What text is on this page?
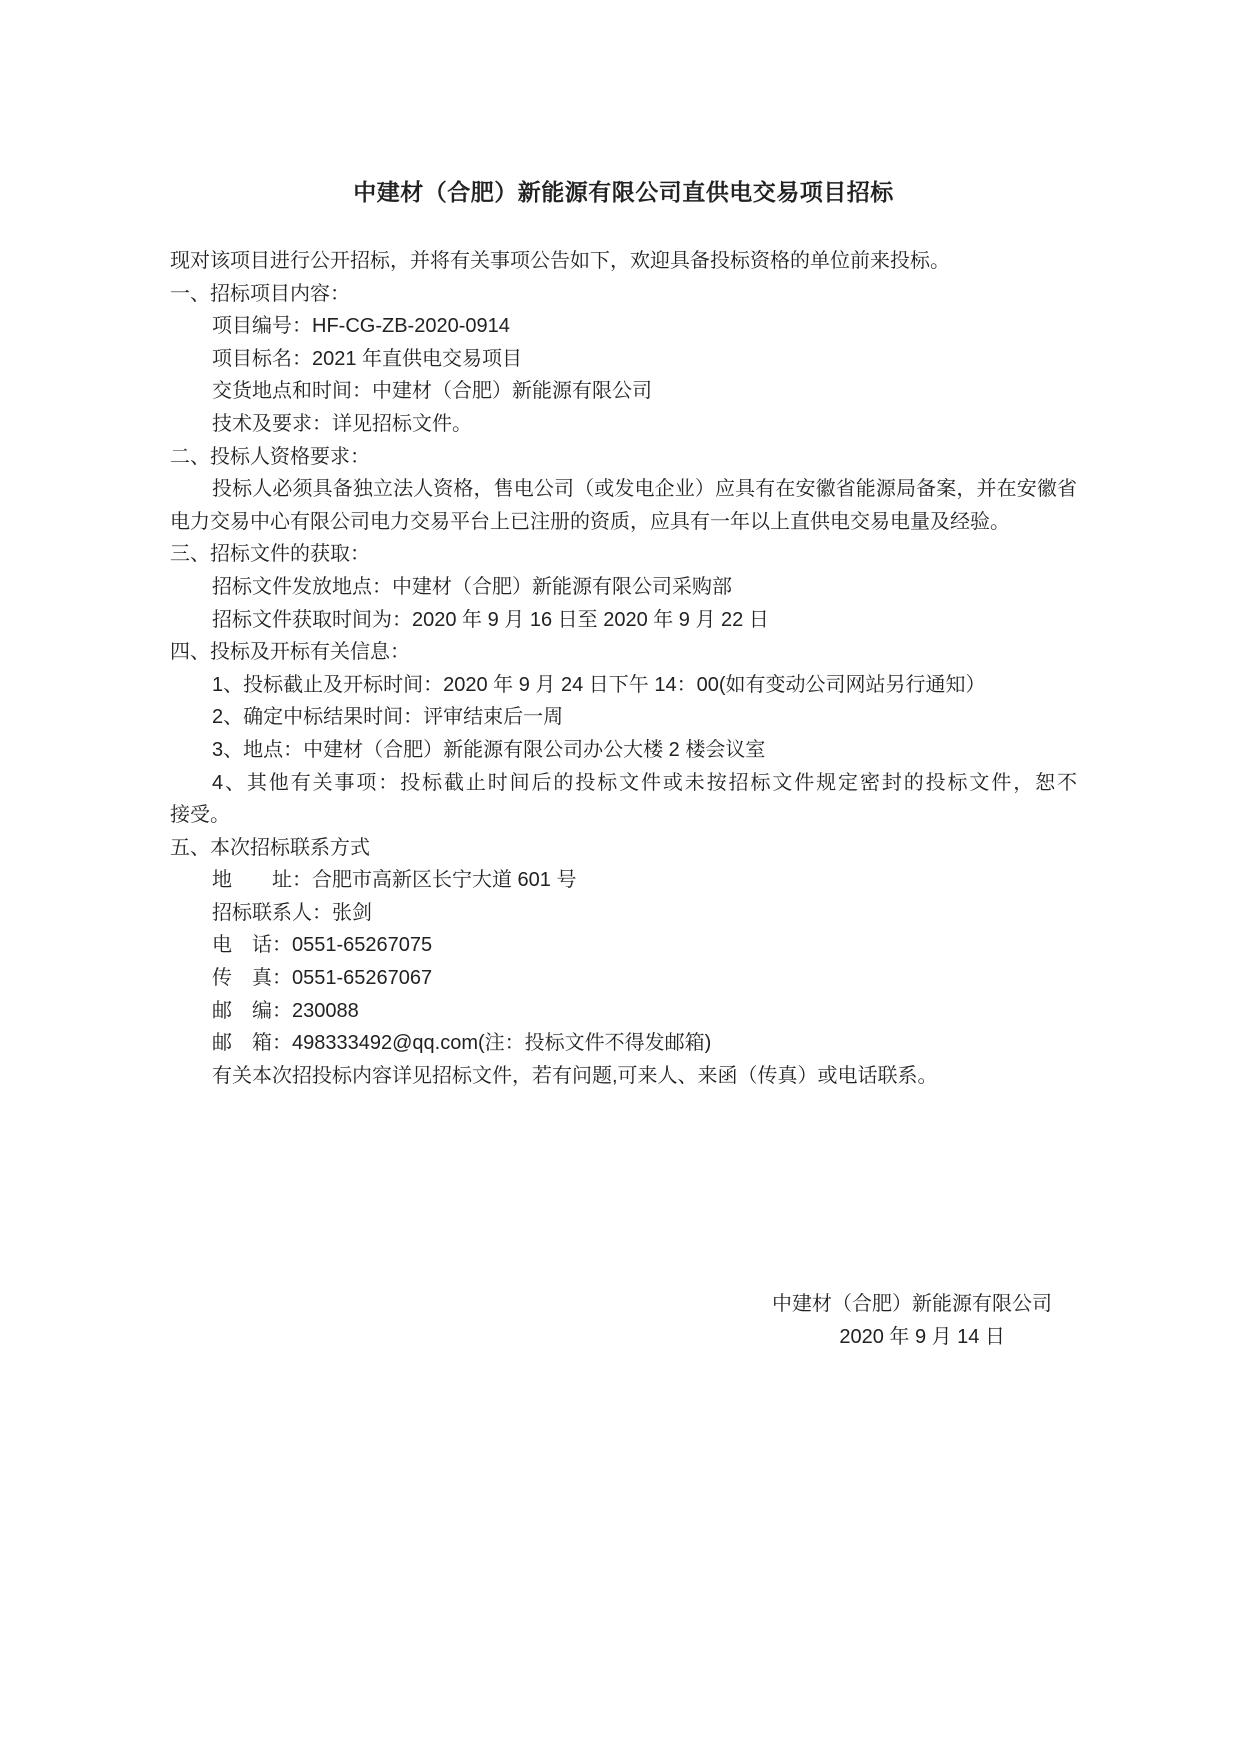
中建材（合肥）新能源有限公司直供电交易项目招标

现对该项目进行公开招标，并将有关事项公告如下，欢迎具备投标资格的单位前来投标。

一、招标项目内容：

项目编号：HF-CG-ZB-2020-0914

项目标名：2021 年直供电交易项目

交货地点和时间：中建材（合肥）新能源有限公司

技术及要求：详见招标文件。

二、投标人资格要求：

投标人必须具备独立法人资格，售电公司（或发电企业）应具有在安徽省能源局备案，并在安徽省

电力交易中心有限公司电力交易平台上已注册的资质，应具有一年以上直供电交易电量及经验。

三、招标文件的获取：

招标文件发放地点：中建材（合肥）新能源有限公司采购部

招标文件获取时间为：2020 年 9 月 16 日至 2020 年 9 月 22 日

四、投标及开标有关信息：

1、投标截止及开标时间：2020 年 9 月 24 日下午 14：00(如有变动公司网站另行通知）

2、确定中标结果时间：评审结束后一周

3、地点：中建材（合肥）新能源有限公司办公大楼 2 楼会议室

4、其他有关事项：投标截止时间后的投标文件或未按招标文件规定密封的投标文件，恕不

接受。

五、本次招标联系方式

地　　址：合肥市高新区长宁大道 601 号

招标联系人：张剑

电　话：0551-65267075

传　真：0551-65267067

邮　编：230088

邮　箱：498333492@qq.com(注：投标文件不得发邮箱)

有关本次招投标内容详见招标文件，若有问题,可来人、来函（传真）或电话联系。

中建材（合肥）新能源有限公司

2020 年 9 月 14 日
